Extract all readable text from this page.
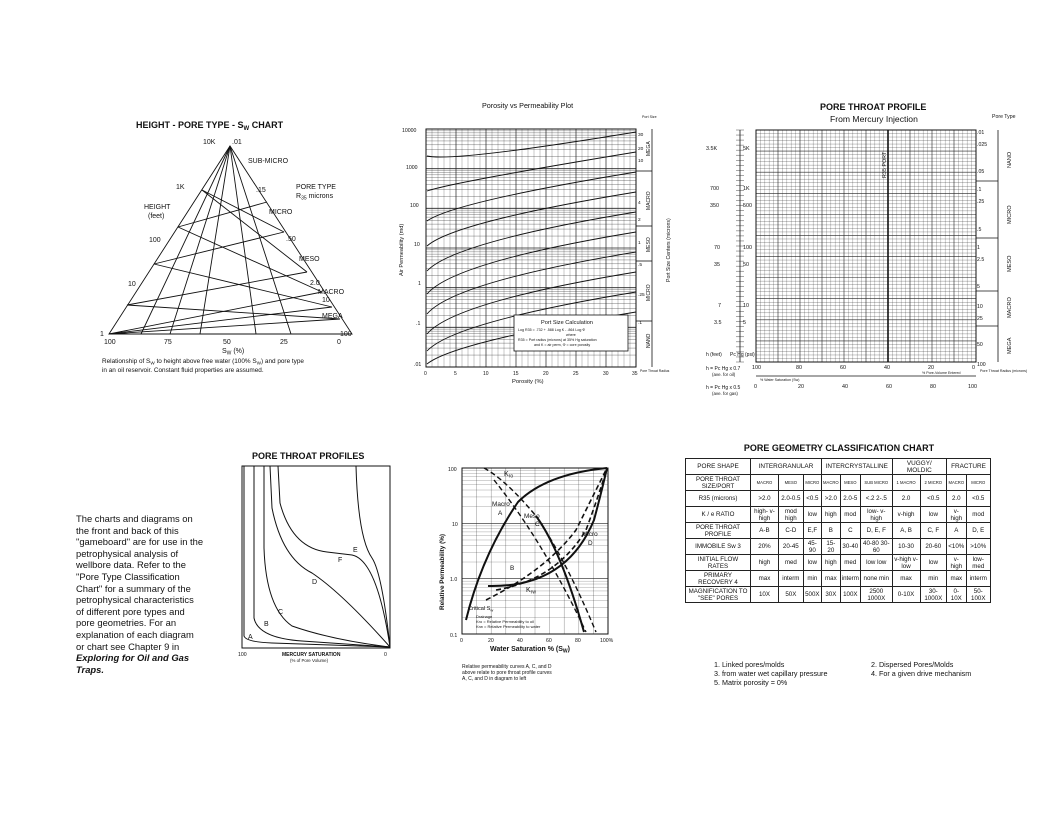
HEIGHT - PORE TYPE - $S_W$ CHART
10K
1K
100
10
1
HEIGHT
(feet)
.01
.15
.50
2.0
10
100
SUB-MICRO
MICRO
MESO
MACRO
MEGA
PORE TYPE
$R_{35}$ microns
100	75	50	25	0
$S_W$ (%)
Relationship of $S_W$ to height above free water (100% $S_W$) and pore type
in an oil reservoir. Constant fluid properties are assumed.
Porosity vs Permeability Plot
10000
1000
100
10
1
.1
.01
Air Permeability (md)
0	5	10	15	20	25	30	35
Porosity (%)
30
20
10
4
2
1
.5
.25
.1
Port Size
MEGA
MACRO
MESO
MICRO
NANO
Port Size Centers (microns)
Pore Throat Radius
Port Size Calculation
Log R35 = .732 + .588 Log K - .864 Log Φ
where
R35 = Port radius (microns) at 35% Hg saturation
and K = air perm, Φ = core porosity
PORE THROAT PROFILE
From Mercury Injection
R35 PORT
3.5K
700
350
70
35
7
3.5
5K
1K
500
100
50
10
5
h (feet) Pc Hg (psi)
100	80	60	40	20	0
% Pore-Volume Entered
% Water Saturation (Sw)
0	20	40	60	80	100
h = Pc Hg x 0.7
(ave. for oil)
h = Pc Hg x 0.5
(ave. for gas)
.01
.025
.05
.1
.25
.5
1
2.5
5
10
25
50
100
Pore Type
Pore Throat Radius (microns)
NANO
MICRO
MESO
MACRO
MEGA
The charts and diagrams on the front and back of this "gameboard" are for use in the petrophysical analysis of wellbore data. Refer to the "Pore Type Classification Chart" for a summary of the petrophysical characteristics of different pore types and pore geometries. For an explanation of each diagram or chart see Chapter 9 in Exploring for Oil and Gas Traps.
PORE THROAT PROFILES
A
B
C
D
E
F
100	0
MERCURY SATURATION
(% of Pore Volume)
$K_{ro}$
Macro
A	Meso
C
B
Micro
D
$K_{rw}$
Critical $S_w$
Drainage
Kro = Relative Permeability to oil
Krw = Relative Permeability to water
100
10
1.0
0.1
Relative Permeability (%)
0	20	40	60	80	100%
Water Saturation % $(S_W)$
Relative permeability curves A, C, and D
above relate to pore throat profile curves
A, C, and D in diagram to left
PORE GEOMETRY CLASSIFICATION CHART
PORE SHAPE	INTERGRANULAR			INTERCRYSTALLINE			VUGGY/ MOLDIC		FRACTURE	
PORE THROAT SIZE/PORT	MACRO	MESO	MICRO	MACRO	MESO	SUB MICRO	1 MACRO	2 MICRO	MACRO	MICRO
R35 (microns)	>2.0	2.0-0.5	<0.5	>2.0	2.0-5	<.2 2-.5	2.0	<0.5	2.0	<0.5
K / e RATIO	high- v-high	mod high	low	high	mod	low- v-high	v-high	low	v-high	mod
PORE THROAT PROFILE	A-B	C-D	E,F	B	C	D, E, F	A, B	C, F	A	D, E
IMMOBILE Sw 3	20%	20-45	45-90	15-20	30-40	40-80 30-60	10-30	20-60	<10%	>10%
INITIAL FLOW RATES	high	med	low	high	med	low low	v-high v-low	low	v-high	low- med
PRIMARY RECOVERY 4	max	interm	min	max	interm	none min	max	min	max	interm
MAGNIFICATION TO "SEE" PORES	10X	50X	500X	30X	100X	2500 1000X	0-10X	30- 1000X	0-10X	50- 100X
1. Linked pores/molds
3. from water wet capillary pressure
5. Matrix porosity = 0%
2. Dispersed Pores/Molds
4. For a given drive mechanism
